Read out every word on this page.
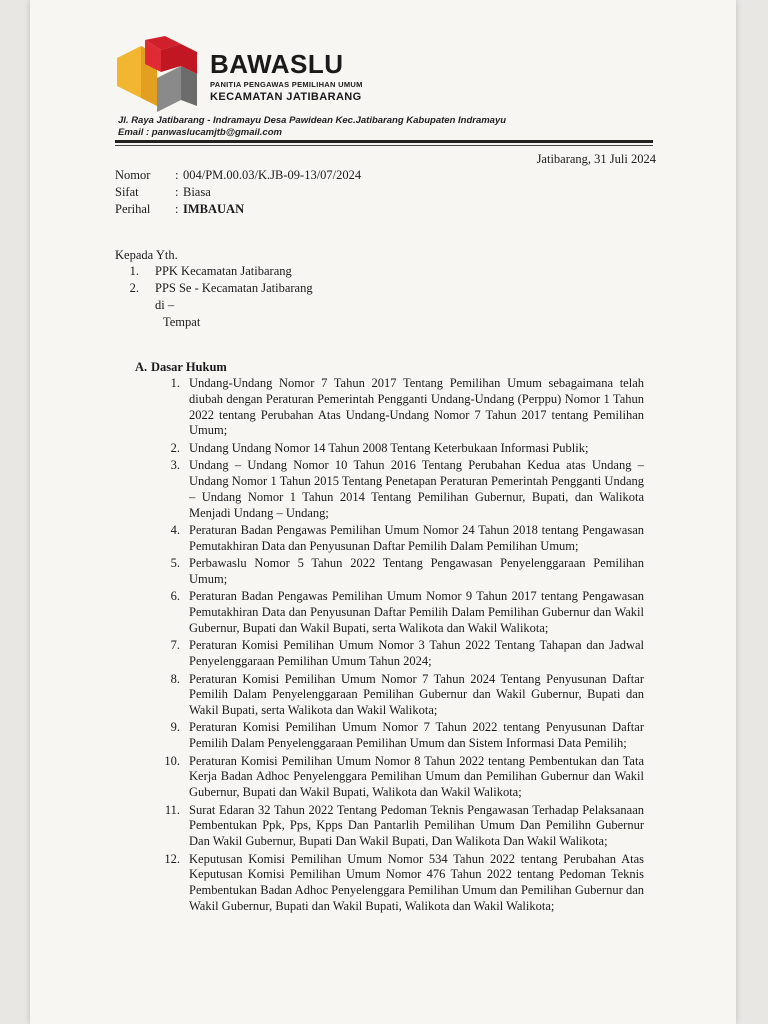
BAWASLU
PANITIA PENGAWAS PEMILIHAN UMUM
KECAMATAN JATIBARANG
Jl. Raya Jatibarang - Indramayu Desa Pawidean Kec.Jatibarang Kabupaten Indramayu
Email : panwaslucamjtb@gmail.com
Jatibarang, 31 Juli 2024
Nomor	: 004/PM.00.03/K.JB-09-13/07/2024
Sifat	: Biasa
Perihal	: IMBAUAN
Kepada Yth.
1.	PPK Kecamatan Jatibarang
2.	PPS Se - Kecamatan Jatibarang
di –
Tempat
A. Dasar Hukum
1. Undang-Undang Nomor 7 Tahun 2017 Tentang Pemilihan Umum sebagaimana telah diubah dengan Peraturan Pemerintah Pengganti Undang-Undang (Perppu) Nomor 1 Tahun 2022 tentang Perubahan Atas Undang-Undang Nomor 7 Tahun 2017 tentang Pemilihan Umum;
2. Undang Undang Nomor 14 Tahun 2008 Tentang Keterbukaan Informasi Publik;
3. Undang – Undang Nomor 10 Tahun 2016 Tentang Perubahan Kedua atas Undang – Undang Nomor 1 Tahun 2015 Tentang Penetapan Peraturan Pemerintah Pengganti Undang – Undang Nomor 1 Tahun 2014 Tentang Pemilihan Gubernur, Bupati, dan Walikota Menjadi Undang – Undang;
4. Peraturan Badan Pengawas Pemilihan Umum Nomor 24 Tahun 2018 tentang Pengawasan Pemutakhiran Data dan Penyusunan Daftar Pemilih Dalam Pemilihan Umum;
5. Perbawaslu Nomor 5 Tahun 2022 Tentang Pengawasan Penyelenggaraan Pemilihan Umum;
6. Peraturan Badan Pengawas Pemilihan Umum Nomor 9 Tahun 2017 tentang Pengawasan Pemutakhiran Data dan Penyusunan Daftar Pemilih Dalam Pemilihan Gubernur dan Wakil Gubernur, Bupati dan Wakil Bupati, serta Walikota dan Wakil Walikota;
7. Peraturan Komisi Pemilihan Umum Nomor 3 Tahun 2022 Tentang Tahapan dan Jadwal Penyelenggaraan Pemilihan Umum Tahun 2024;
8. Peraturan Komisi Pemilihan Umum Nomor 7 Tahun 2024 Tentang Penyusunan Daftar Pemilih Dalam Penyelenggaraan Pemilihan Gubernur dan Wakil Gubernur, Bupati dan Wakil Bupati, serta Walikota dan Wakil Walikota;
9. Peraturan Komisi Pemilihan Umum Nomor 7 Tahun 2022 tentang Penyusunan Daftar Pemilih Dalam Penyelenggaraan Pemilihan Umum dan Sistem Informasi Data Pemilih;
10. Peraturan Komisi Pemilihan Umum Nomor 8 Tahun 2022 tentang Pembentukan dan Tata Kerja Badan Adhoc Penyelenggara Pemilihan Umum dan Pemilihan Gubernur dan Wakil Gubernur, Bupati dan Wakil Bupati, Walikota dan Wakil Walikota;
11. Surat Edaran 32 Tahun 2022 Tentang Pedoman Teknis Pengawasan Terhadap Pelaksanaan Pembentukan Ppk, Pps, Kpps Dan Pantarlih Pemilihan Umum Dan Pemilihn Gubernur Dan Wakil Gubernur, Bupati Dan Wakil Bupati, Dan Walikota Dan Wakil Walikota;
12. Keputusan Komisi Pemilihan Umum Nomor 534 Tahun 2022 tentang Perubahan Atas Keputusan Komisi Pemilihan Umum Nomor 476 Tahun 2022 tentang Pedoman Teknis Pembentukan Badan Adhoc Penyelenggara Pemilihan Umum dan Pemilihan Gubernur dan Wakil Gubernur, Bupati dan Wakil Bupati, Walikota dan Wakil Walikota;
